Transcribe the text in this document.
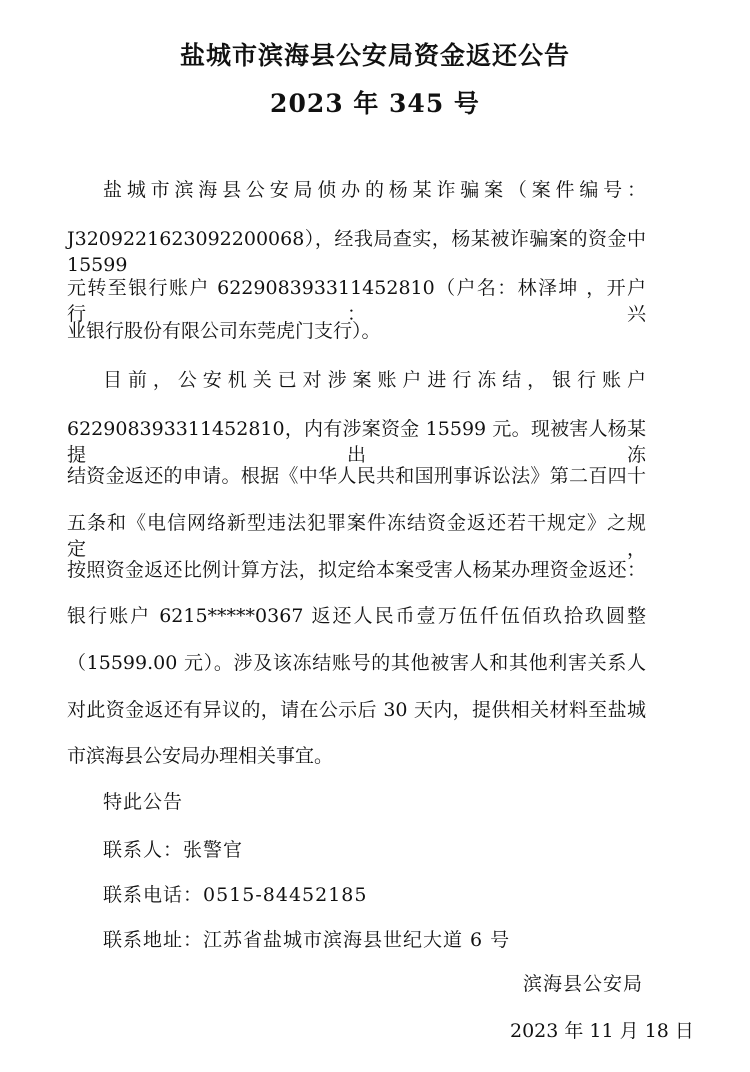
盐城市滨海县公安局资金返还公告
2023 年 345 号
盐城市滨海县公安局侦办的杨某诈骗案（案件编号：
J3209221623092200068），经我局查实，杨某被诈骗案的资金中 15599
元转至银行账户 622908393311452810（户名：林泽坤 ，开户行：兴
业银行股份有限公司东莞虎门支行）。
目前，公安机关已对涉案账户进行冻结，银行账户
622908393311452810，内有涉案资金 15599 元。现被害人杨某提出冻
结资金返还的申请。根据《中华人民共和国刑事诉讼法》第二百四十
五条和《电信网络新型违法犯罪案件冻结资金返还若干规定》之规定，
按照资金返还比例计算方法，拟定给本案受害人杨某办理资金返还：
银行账户 6215*****0367 返还人民币壹万伍仟伍佰玖拾玖圆整
（15599.00 元）。涉及该冻结账号的其他被害人和其他利害关系人
对此资金返还有异议的，请在公示后 30 天内，提供相关材料至盐城
市滨海县公安局办理相关事宜。
特此公告
联系人：张警官
联系电话：0515-84452185
联系地址：江苏省盐城市滨海县世纪大道 6 号
滨海县公安局
2023 年 11 月 18 日
